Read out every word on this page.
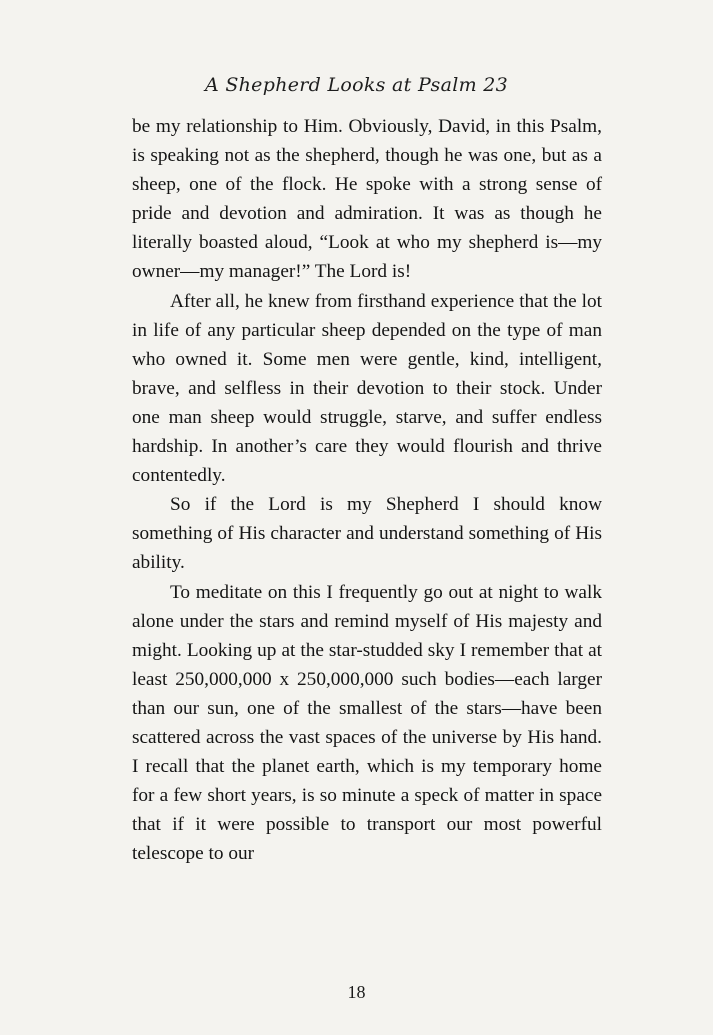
A Shepherd Looks at Psalm 23

be my relationship to Him. Obviously, David, in this Psalm, is speaking not as the shepherd, though he was one, but as a sheep, one of the flock. He spoke with a strong sense of pride and devotion and admiration. It was as though he literally boasted aloud, “Look at who my shepherd is—my owner—my manager!” The Lord is!

After all, he knew from firsthand experience that the lot in life of any particular sheep depended on the type of man who owned it. Some men were gentle, kind, intelligent, brave, and selfless in their devotion to their stock. Under one man sheep would struggle, starve, and suffer endless hardship. In another’s care they would flourish and thrive contentedly.

So if the Lord is my Shepherd I should know something of His character and understand something of His ability.

To meditate on this I frequently go out at night to walk alone under the stars and remind myself of His majesty and might. Looking up at the star-studded sky I remember that at least 250,000,000 x 250,000,000 such bodies—each larger than our sun, one of the smallest of the stars—have been scattered across the vast spaces of the universe by His hand. I recall that the planet earth, which is my temporary home for a few short years, is so minute a speck of matter in space that if it were possible to transport our most powerful telescope to our

18
